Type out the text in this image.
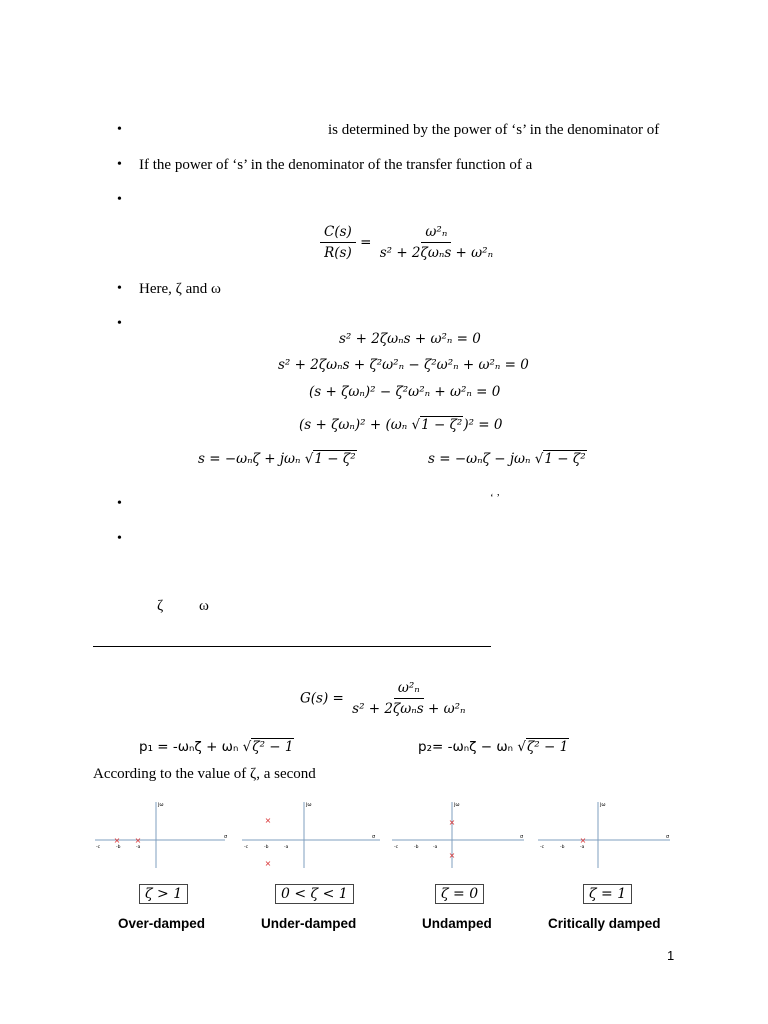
•	is determined by the power of ‘s’ in the denominator of
• If the power of ‘s’ in the denominator of the transfer function of a
•
$\frac{C(s)}{R(s)} = \frac{\text{ω²ₙ}}{\text{s² + 2ζωₙs + ω²ₙ}}$
• Here, ζ and ω
•
s² + 2ζωₙs + ω²ₙ = 0
s² + 2ζωₙs + ζ²ω²ₙ − ζ²ω²ₙ + ω²ₙ = 0
(s + ζωₙ)² − ζ²ω²ₙ + ω²ₙ = 0
(s + ζωₙ)² + (ωₙ √1 − ζ²)² = 0
s = −ωₙζ + jωₙ √1 − ζ²	s = −ωₙζ − jωₙ √1 − ζ²
•	‘ ’
•
ζ ω
$G(s) = \frac{\text{ω²ₙ}}{\text{s² + 2ζωₙs + ω²ₙ}}$
p₁ = -ωₙζ + ωₙ √ζ² − 1	p₂= -ωₙζ − ωₙ √ζ² − 1
According to the value of ζ, a second
jω
σ
-c	-b	-a
× ×
jω
σ
-c	-b	-a
×
×
jω
σ
-c	-b	-a
×
×
jω
σ
-c	-b	-a
×
ζ > 1	0 < ζ < 1	ζ = 0	ζ = 1
Over-damped	Under-damped	Undamped	Critically damped
1
